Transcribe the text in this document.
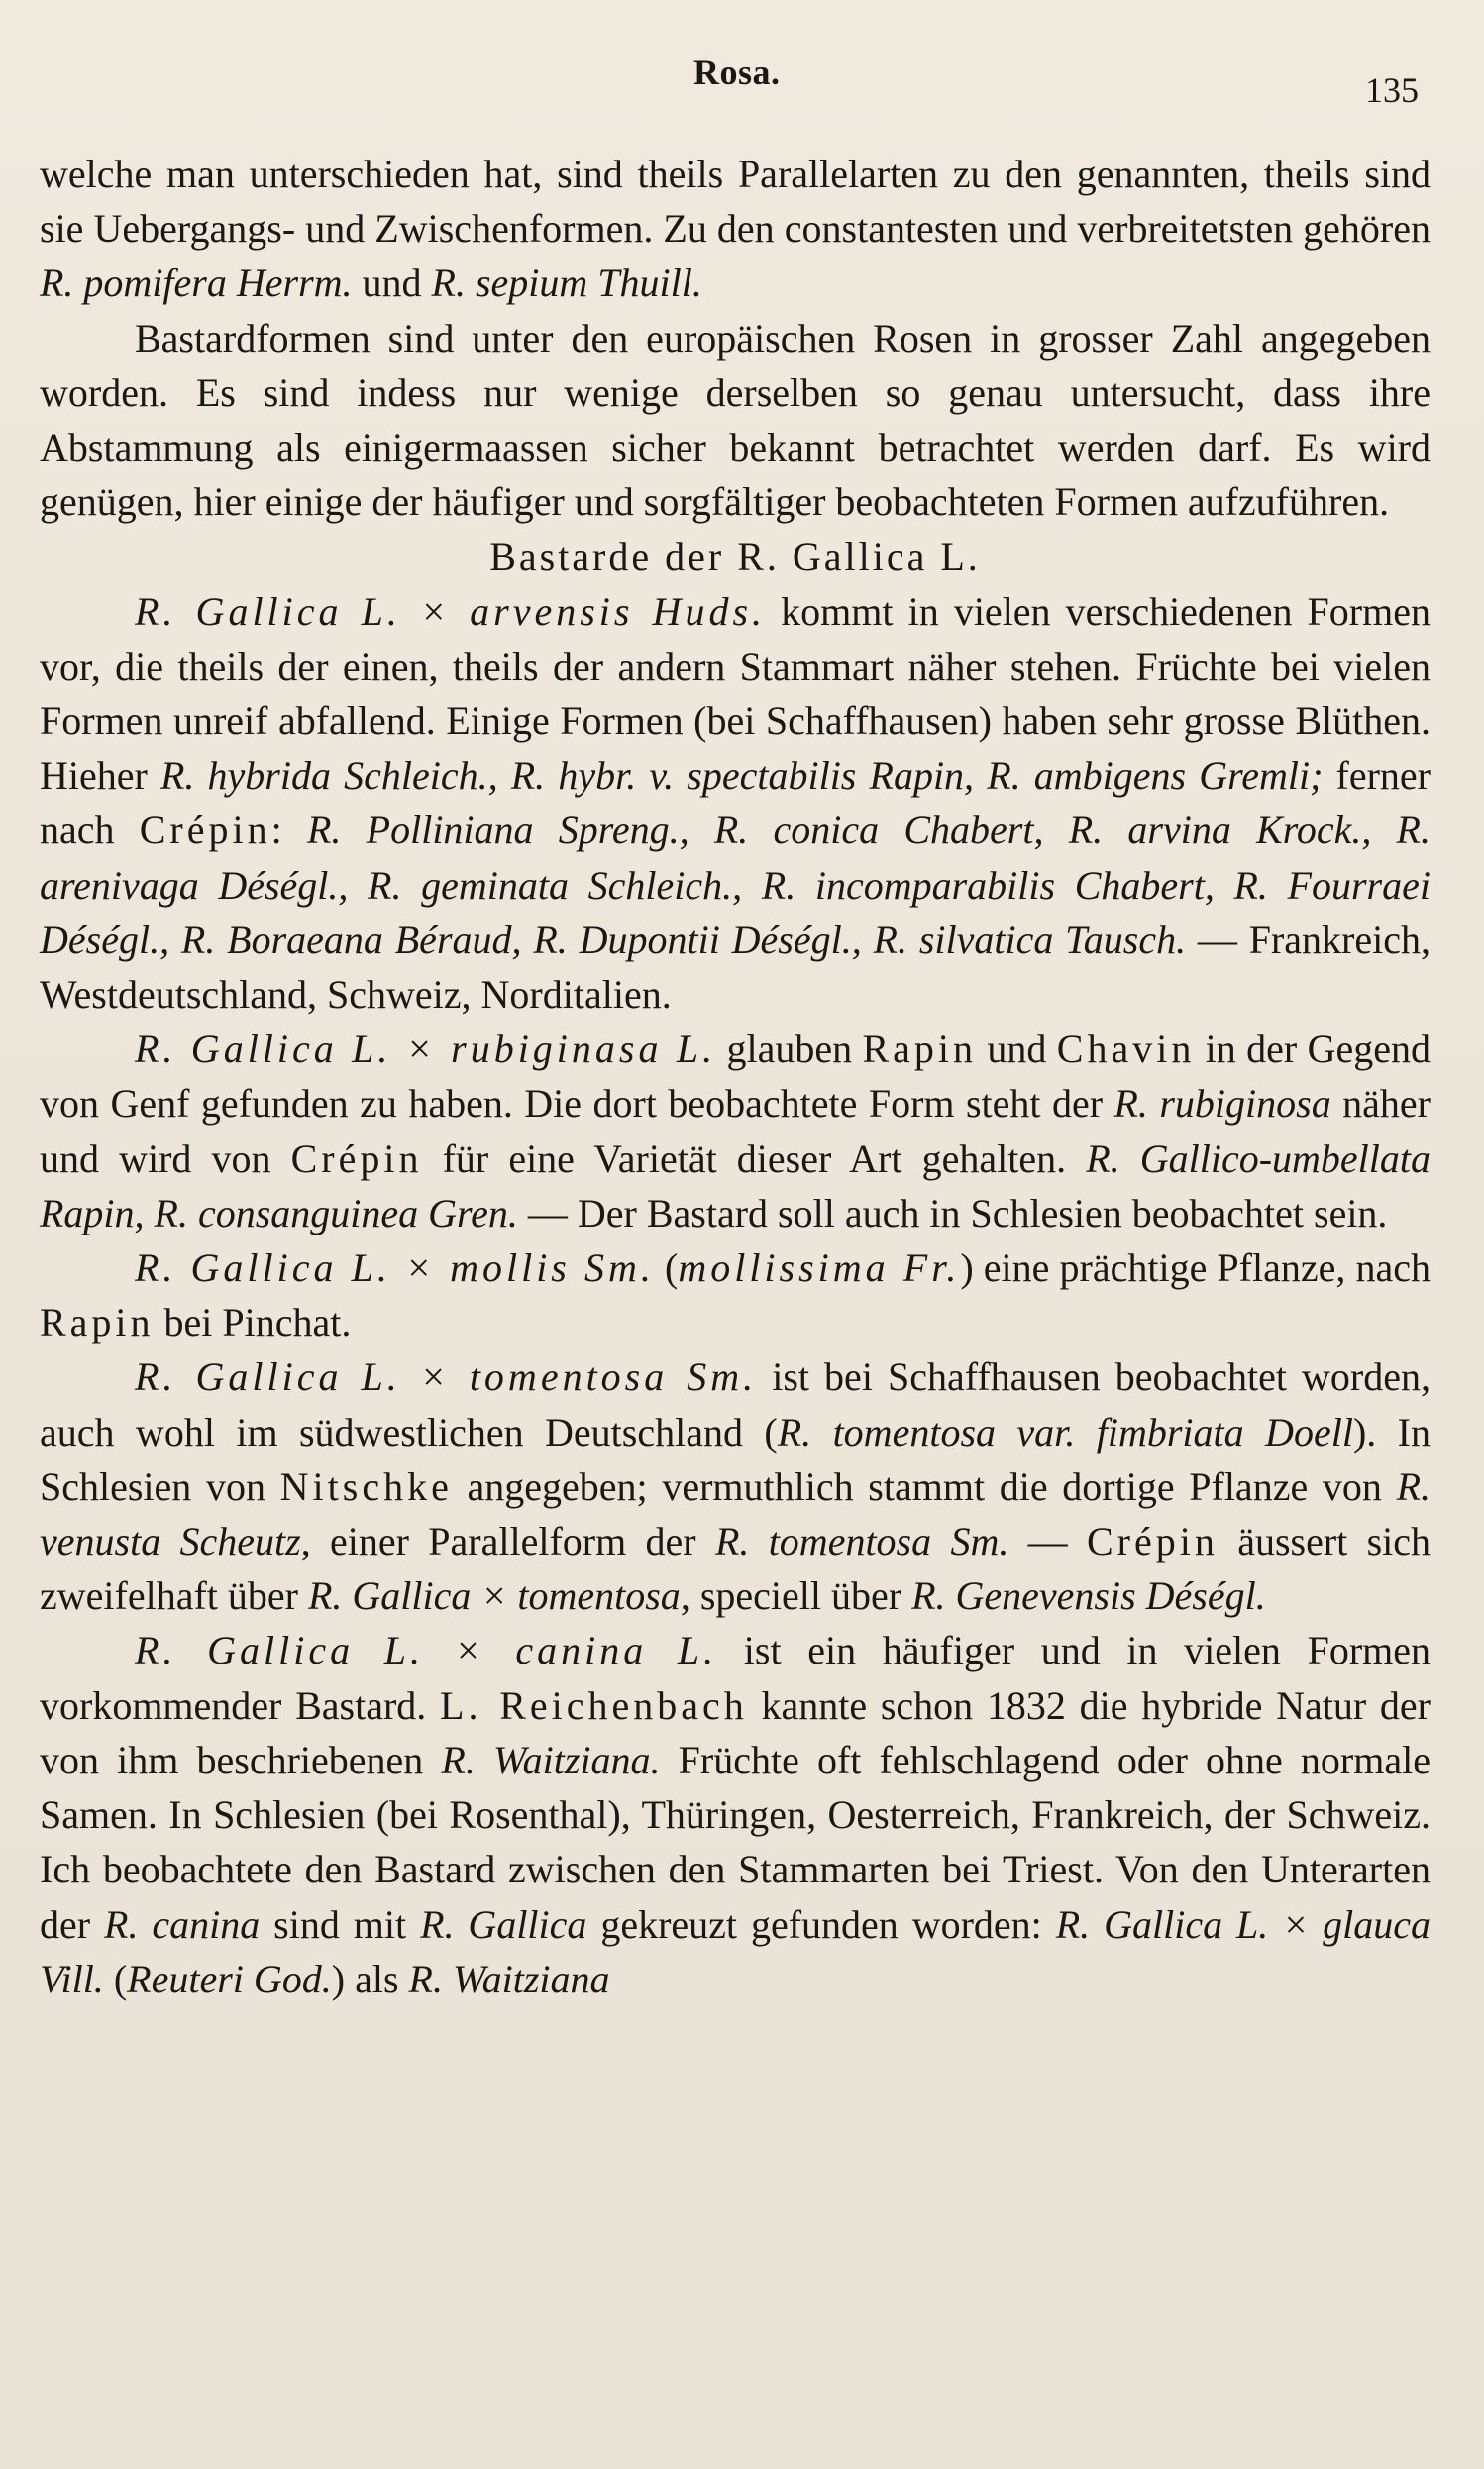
Rosa.	135

welche man unterschieden hat, sind theils Parallelarten zu den genannten, theils sind sie Uebergangs- und Zwischenformen. Zu den constantesten und verbreitetsten gehören R. pomifera Herrm. und R. sepium Thuill.

Bastardformen sind unter den europäischen Rosen in grosser Zahl angegeben worden. Es sind indess nur wenige derselben so genau untersucht, dass ihre Abstammung als einigermaassen sicher bekannt betrachtet werden darf. Es wird genügen, hier einige der häufiger und sorgfältiger beobachteten Formen aufzuführen.

Bastarde der R. Gallica L.

R. Gallica L. × arvensis Huds. kommt in vielen verschiedenen Formen vor, die theils der einen, theils der andern Stammart näher stehen. Früchte bei vielen Formen unreif abfallend. Einige Formen (bei Schaffhausen) haben sehr grosse Blüthen. Hieher R. hybrida Schleich., R. hybr. v. spectabilis Rapin, R. ambigens Gremli; ferner nach Crépin: R. Polliniana Spreng., R. conica Chabert, R. arvina Krock., R. arenivaga Déségl., R. geminata Schleich., R. incomparabilis Chabert, R. Fourraei Déségl., R. Boraeana Béraud, R. Dupontii Déségl., R. silvatica Tausch. — Frankreich, Westdeutschland, Schweiz, Norditalien.

R. Gallica L. × rubiginasa L. glauben Rapin und Chavin in der Gegend von Genf gefunden zu haben. Die dort beobachtete Form steht der R. rubiginosa näher und wird von Crépin für eine Varietät dieser Art gehalten. R. Gallico-umbellata Rapin, R. consanguinea Gren. — Der Bastard soll auch in Schlesien beobachtet sein.

R. Gallica L. × mollis Sm. (mollissima Fr.) eine prächtige Pflanze, nach Rapin bei Pinchat.

R. Gallica L. × tomentosa Sm. ist bei Schaffhausen beobachtet worden, auch wohl im südwestlichen Deutschland (R. tomentosa var. fimbriata Doell). In Schlesien von Nitschke angegeben; vermuthlich stammt die dortige Pflanze von R. venusta Scheutz, einer Parallelform der R. tomentosa Sm. — Crépin äussert sich zweifelhaft über R. Gallica × tomentosa, speciell über R. Genevensis Déségl.

R. Gallica L. × canina L. ist ein häufiger und in vielen Formen vorkommender Bastard. L. Reichenbach kannte schon 1832 die hybride Natur der von ihm beschriebenen R. Waitziana. Früchte oft fehlschlagend oder ohne normale Samen. In Schlesien (bei Rosenthal), Thüringen, Oesterreich, Frankreich, der Schweiz. Ich beobachtete den Bastard zwischen den Stammarten bei Triest. Von den Unterarten der R. canina sind mit R. Gallica gekreuzt gefunden worden: R. Gallica L. × glauca Vill. (Reuteri God.) als R. Waitziana
